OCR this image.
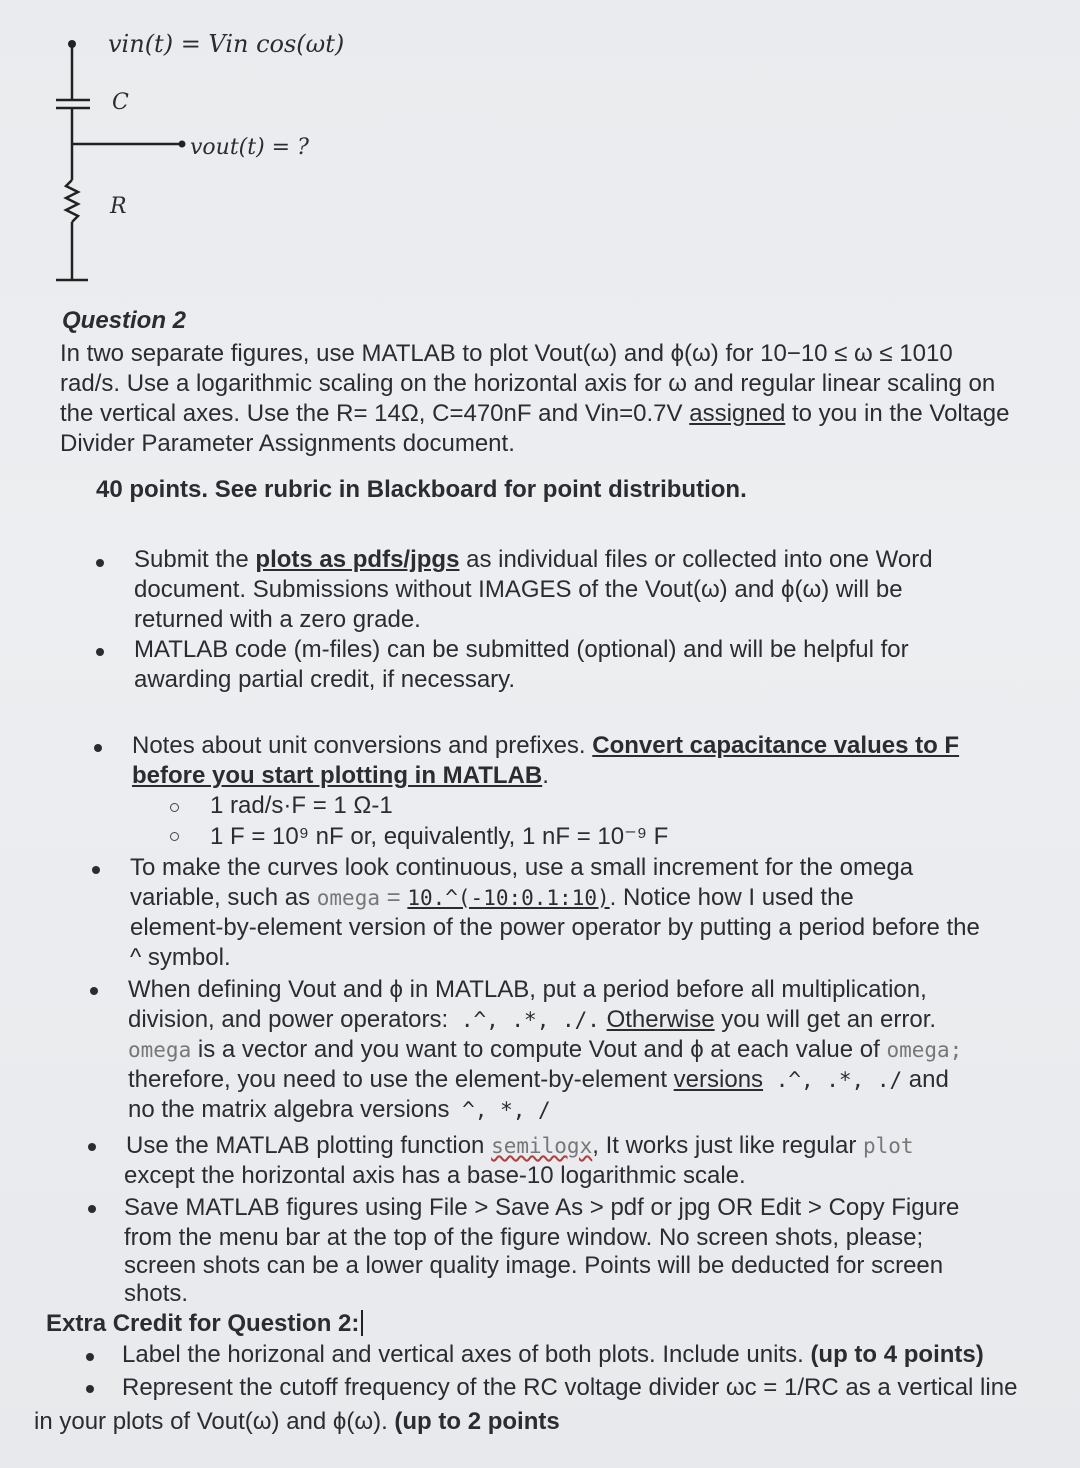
vin(t) = Vin cos(ωt)
C
vout(t) = ?
R
Question 2
In two separate figures, use MATLAB to plot Vout(ω) and ϕ(ω) for 10−10 ≤ ω ≤ 1010
rad/s. Use a logarithmic scaling on the horizontal axis for ω and regular linear scaling on
the vertical axes. Use the R= 14Ω, C=470nF and Vin=0.7V assigned to you in the Voltage
Divider Parameter Assignments document.
40 points. See rubric in Blackboard for point distribution.
Submit the plots as pdfs/jpgs as individual files or collected into one Word
document. Submissions without IMAGES of the Vout(ω) and ϕ(ω) will be
returned with a zero grade.
MATLAB code (m-files) can be submitted (optional) and will be helpful for
awarding partial credit, if necessary.
Notes about unit conversions and prefixes. Convert capacitance values to F
before you start plotting in MATLAB.
1 rad/s·F = 1 Ω-1
1 F = 10⁹ nF or, equivalently, 1 nF = 10⁻⁹ F
To make the curves look continuous, use a small increment for the omega
variable, such as omega = 10.^(-10:0.1:10). Notice how I used the
element-by-element version of the power operator by putting a period before the
^ symbol.
When defining Vout and ϕ in MATLAB, put a period before all multiplication,
division, and power operators: .^, .*, ./. Otherwise you will get an error.
omega is a vector and you want to compute Vout and ϕ at each value of omega;
therefore, you need to use the element-by-element versions .^, .*, ./ and
no the matrix algebra versions ^, *, /
Use the MATLAB plotting function semilogx, It works just like regular plot
except the horizontal axis has a base-10 logarithmic scale.
Save MATLAB figures using File > Save As > pdf or jpg OR Edit > Copy Figure
from the menu bar at the top of the figure window. No screen shots, please;
screen shots can be a lower quality image. Points will be deducted for screen
shots.
Extra Credit for Question 2:
Label the horizonal and vertical axes of both plots. Include units. (up to 4 points)
Represent the cutoff frequency of the RC voltage divider ωc = 1/RC as a vertical line
in your plots of Vout(ω) and ϕ(ω). (up to 2 points
